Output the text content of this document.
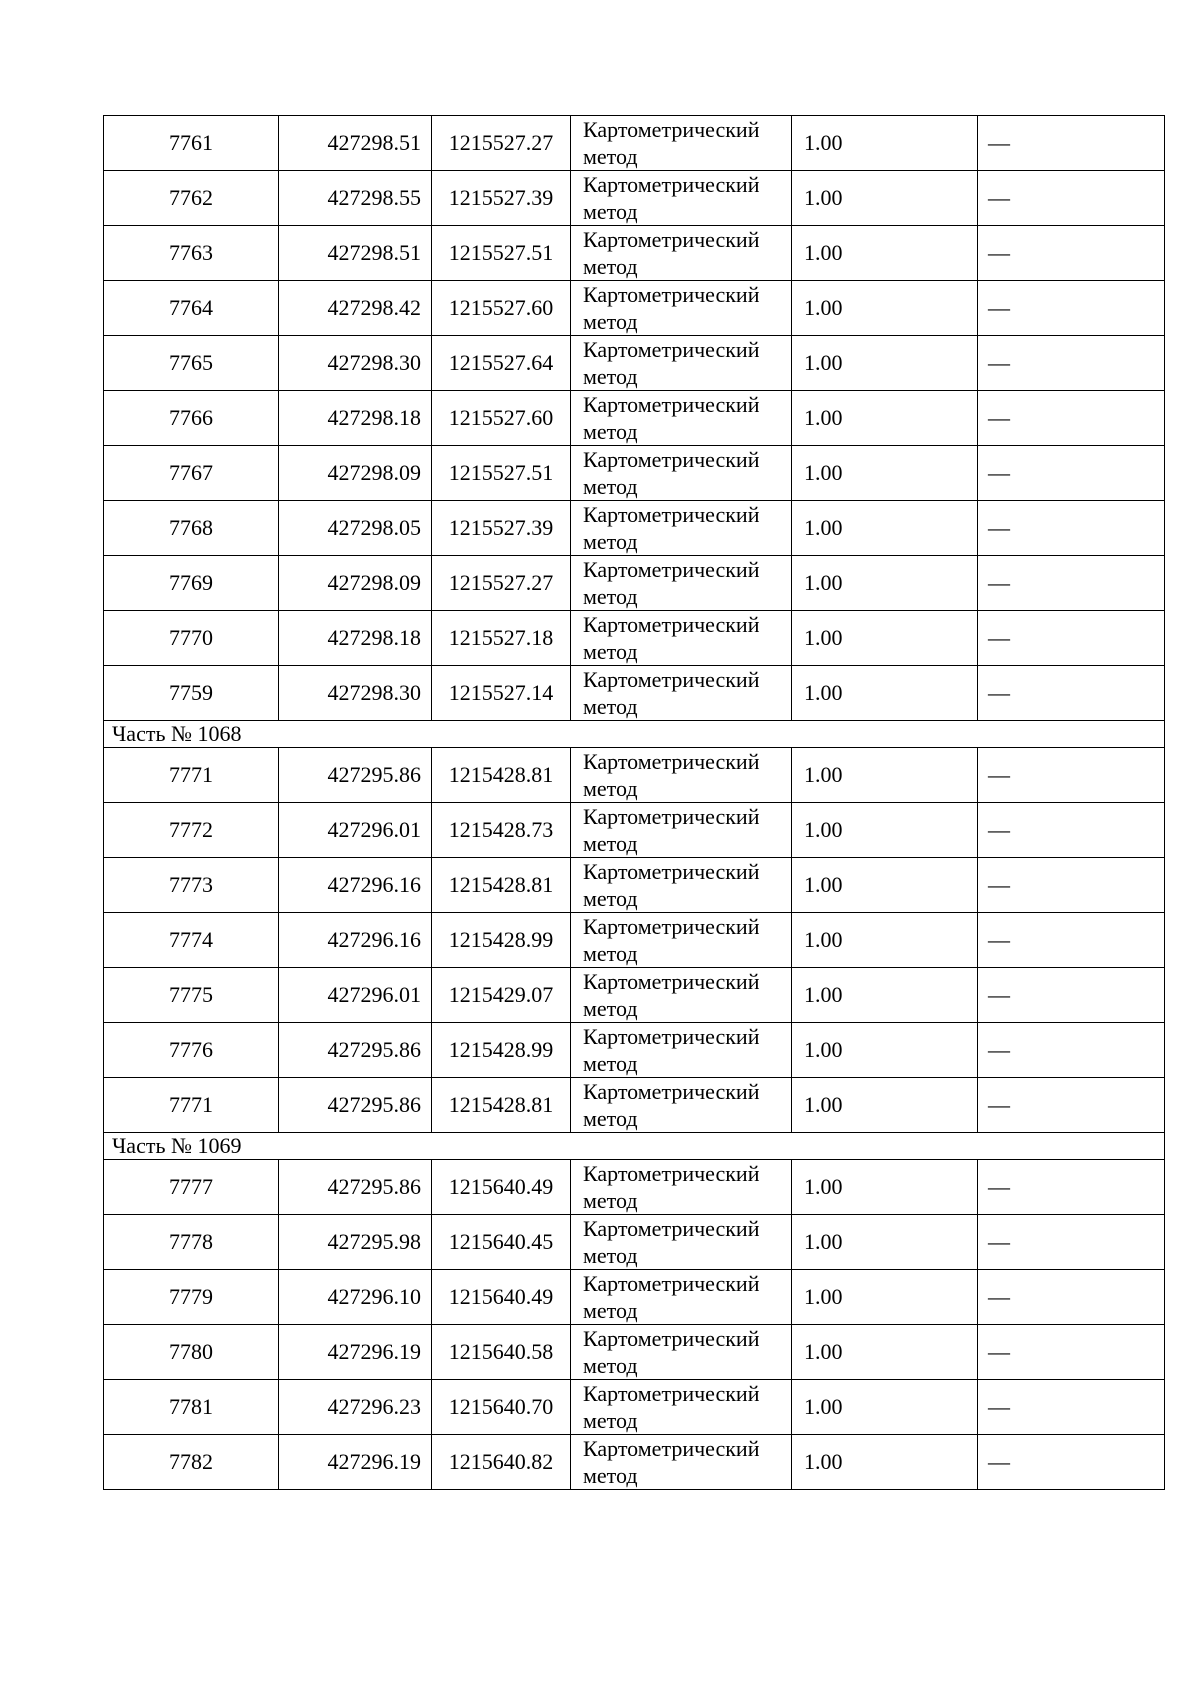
7761	427298.51	1215527.27	Картометрический
метод	1.00	—
7762	427298.55	1215527.39	Картометрический
метод	1.00	—
7763	427298.51	1215527.51	Картометрический
метод	1.00	—
7764	427298.42	1215527.60	Картометрический
метод	1.00	—
7765	427298.30	1215527.64	Картометрический
метод	1.00	—
7766	427298.18	1215527.60	Картометрический
метод	1.00	—
7767	427298.09	1215527.51	Картометрический
метод	1.00	—
7768	427298.05	1215527.39	Картометрический
метод	1.00	—
7769	427298.09	1215527.27	Картометрический
метод	1.00	—
7770	427298.18	1215527.18	Картометрический
метод	1.00	—
7759	427298.30	1215527.14	Картометрический
метод	1.00	—
Часть № 1068					
7771	427295.86	1215428.81	Картометрический
метод	1.00	—
7772	427296.01	1215428.73	Картометрический
метод	1.00	—
7773	427296.16	1215428.81	Картометрический
метод	1.00	—
7774	427296.16	1215428.99	Картометрический
метод	1.00	—
7775	427296.01	1215429.07	Картометрический
метод	1.00	—
7776	427295.86	1215428.99	Картометрический
метод	1.00	—
7771	427295.86	1215428.81	Картометрический
метод	1.00	—
Часть № 1069					
7777	427295.86	1215640.49	Картометрический
метод	1.00	—
7778	427295.98	1215640.45	Картометрический
метод	1.00	—
7779	427296.10	1215640.49	Картометрический
метод	1.00	—
7780	427296.19	1215640.58	Картометрический
метод	1.00	—
7781	427296.23	1215640.70	Картометрический
метод	1.00	—
7782	427296.19	1215640.82	Картометрический
метод	1.00	—
